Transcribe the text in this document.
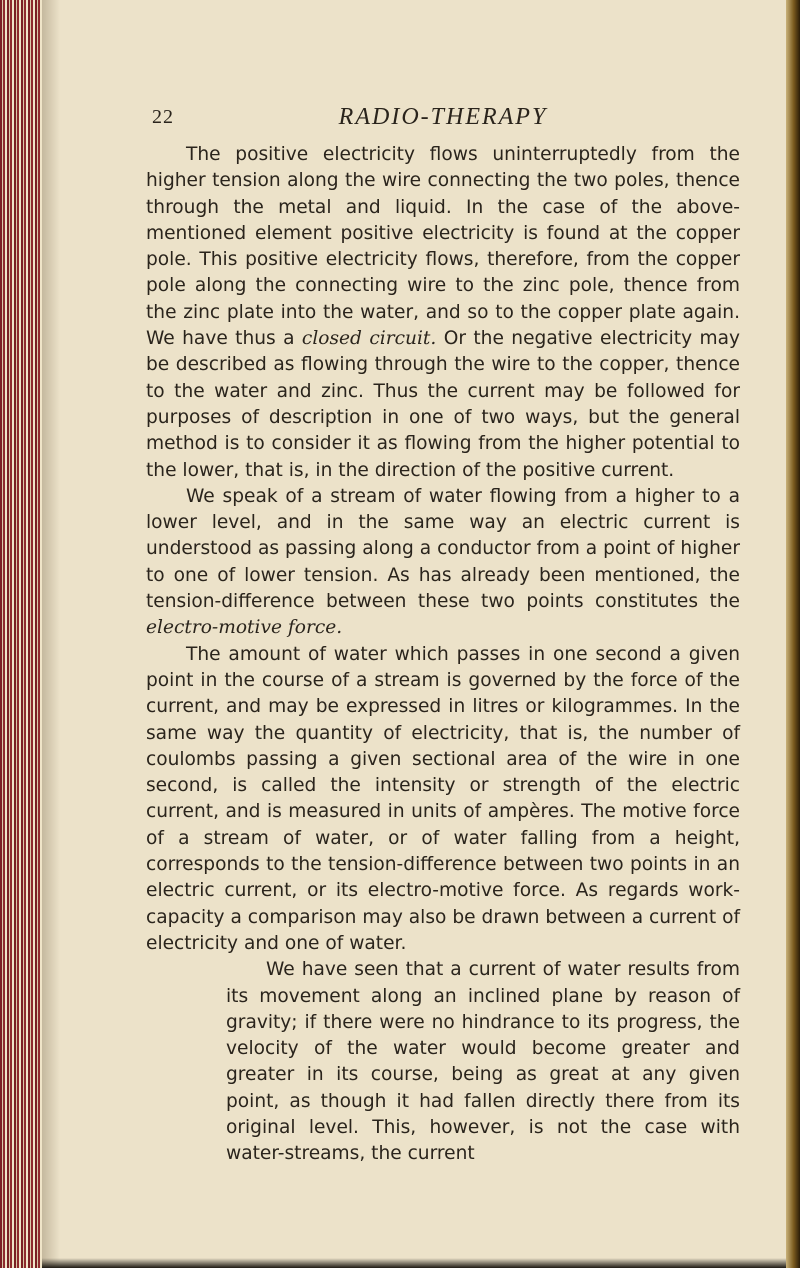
22	RADIO-THERAPY

The positive electricity flows uninterruptedly from the higher tension along the wire connecting the two poles, thence through the metal and liquid. In the case of the above-mentioned element positive electricity is found at the copper pole. This positive electricity flows, therefore, from the copper pole along the connecting wire to the zinc pole, thence from the zinc plate into the water, and so to the copper plate again. We have thus a closed circuit. Or the negative electricity may be described as flowing through the wire to the copper, thence to the water and zinc. Thus the current may be followed for purposes of description in one of two ways, but the general method is to consider it as flowing from the higher potential to the lower, that is, in the direction of the positive current.

We speak of a stream of water flowing from a higher to a lower level, and in the same way an electric current is understood as passing along a conductor from a point of higher to one of lower tension. As has already been mentioned, the tension-difference between these two points constitutes the electro-motive force.

The amount of water which passes in one second a given point in the course of a stream is governed by the force of the current, and may be expressed in litres or kilogrammes. In the same way the quantity of electricity, that is, the number of coulombs passing a given sectional area of the wire in one second, is called the intensity or strength of the electric current, and is measured in units of ampères. The motive force of a stream of water, or of water falling from a height, corresponds to the tension-difference between two points in an electric current, or its electro-motive force. As regards work-capacity a comparison may also be drawn between a current of electricity and one of water.

We have seen that a current of water results from its movement along an inclined plane by reason of gravity; if there were no hindrance to its progress, the velocity of the water would become greater and greater in its course, being as great at any given point, as though it had fallen directly there from its original level. This, however, is not the case with water-streams, the current
